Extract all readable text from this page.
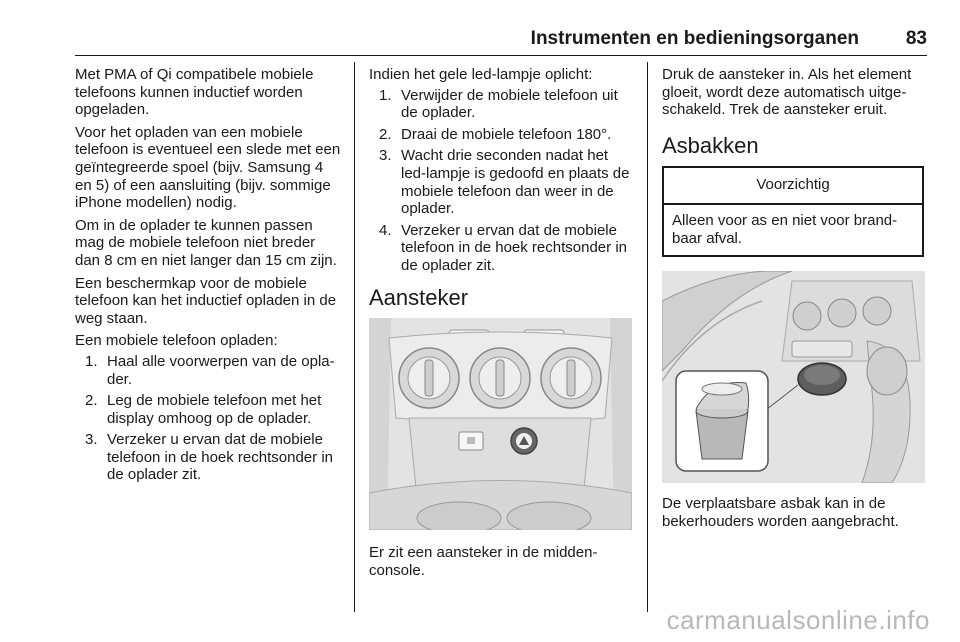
Instrumenten en bedieningsorganen 83

Met PMA of Qi compatibele mobiele telefoons kunnen inductief worden opgeladen.

Voor het opladen van een mobiele telefoon is eventueel een slede met een geïntegreerde spoel (bijv. Samsung 4 en 5) of een aansluiting (bijv. sommige iPhone modellen) nodig.

Om in de oplader te kunnen passen mag de mobiele telefoon niet breder dan 8 cm en niet langer dan 15 cm zijn.

Een beschermkap voor de mobiele telefoon kan het inductief opladen in de weg staan.

Een mobiele telefoon opladen:

1. Haal alle voorwerpen van de oplader.
2. Leg de mobiele telefoon met het display omhoog op de oplader.
3. Verzeker u ervan dat de mobiele telefoon in de hoek rechtsonder in de oplader zit.

Indien het gele led-lampje oplicht:

1. Verwijder de mobiele telefoon uit de oplader.
2. Draai de mobiele telefoon 180°.
3. Wacht drie seconden nadat het led-lampje is gedoofd en plaats de mobiele telefoon dan weer in de oplader.
4. Verzeker u ervan dat de mobiele telefoon in de hoek rechtsonder in de oplader zit.
Aansteker

Er zit een aansteker in de middenconsole.

Druk de aansteker in. Als het element gloeit, wordt deze automatisch uitgeschakeld. Trek de aansteker eruit.

Asbakken
Voorzichtig
Alleen voor as en niet voor brandbaar afval.

De verplaatsbare asbak kan in de bekerhouders worden aangebracht.

carmanualsonline.info
